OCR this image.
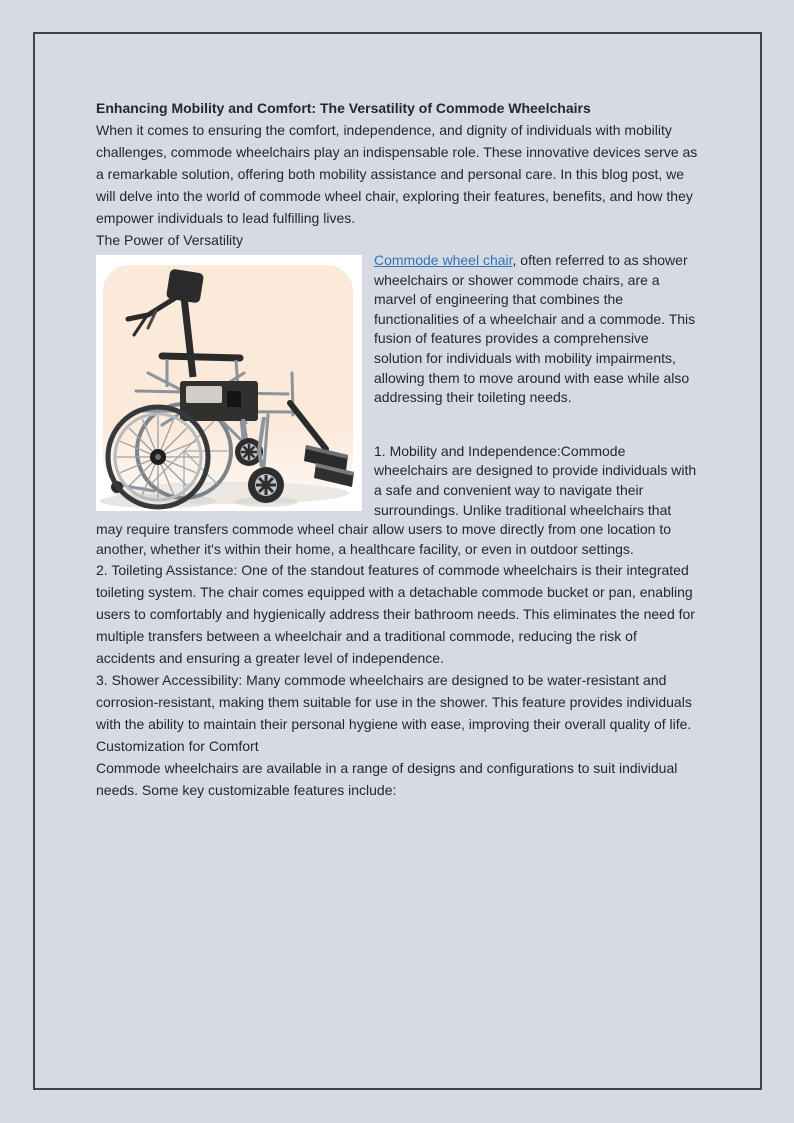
Enhancing Mobility and Comfort: The Versatility of Commode Wheelchairs

When it comes to ensuring the comfort, independence, and dignity of individuals with mobility challenges, commode wheelchairs play an indispensable role. These innovative devices serve as a remarkable solution, offering both mobility assistance and personal care. In this blog post, we will delve into the world of commode wheel chair, exploring their features, benefits, and how they empower individuals to lead fulfilling lives.

The Power of Versatility

Commode wheel chair, often referred to as shower wheelchairs or shower commode chairs, are a marvel of engineering that combines the functionalities of a wheelchair and a commode. This fusion of features provides a comprehensive solution for individuals with mobility impairments, allowing them to move around with ease while also addressing their toileting needs.

1. Mobility and Independence:Commode wheelchairs are designed to provide individuals with a safe and convenient way to navigate their surroundings. Unlike traditional wheelchairs that may require transfers commode wheel chair allow users to move directly from one location to another, whether it's within their home, a healthcare facility, or even in outdoor settings.

2. Toileting Assistance: One of the standout features of commode wheelchairs is their integrated toileting system. The chair comes equipped with a detachable commode bucket or pan, enabling users to comfortably and hygienically address their bathroom needs. This eliminates the need for multiple transfers between a wheelchair and a traditional commode, reducing the risk of accidents and ensuring a greater level of independence.

3. Shower Accessibility: Many commode wheelchairs are designed to be water-resistant and corrosion-resistant, making them suitable for use in the shower. This feature provides individuals with the ability to maintain their personal hygiene with ease, improving their overall quality of life.

Customization for Comfort

Commode wheelchairs are available in a range of designs and configurations to suit individual needs. Some key customizable features include:
